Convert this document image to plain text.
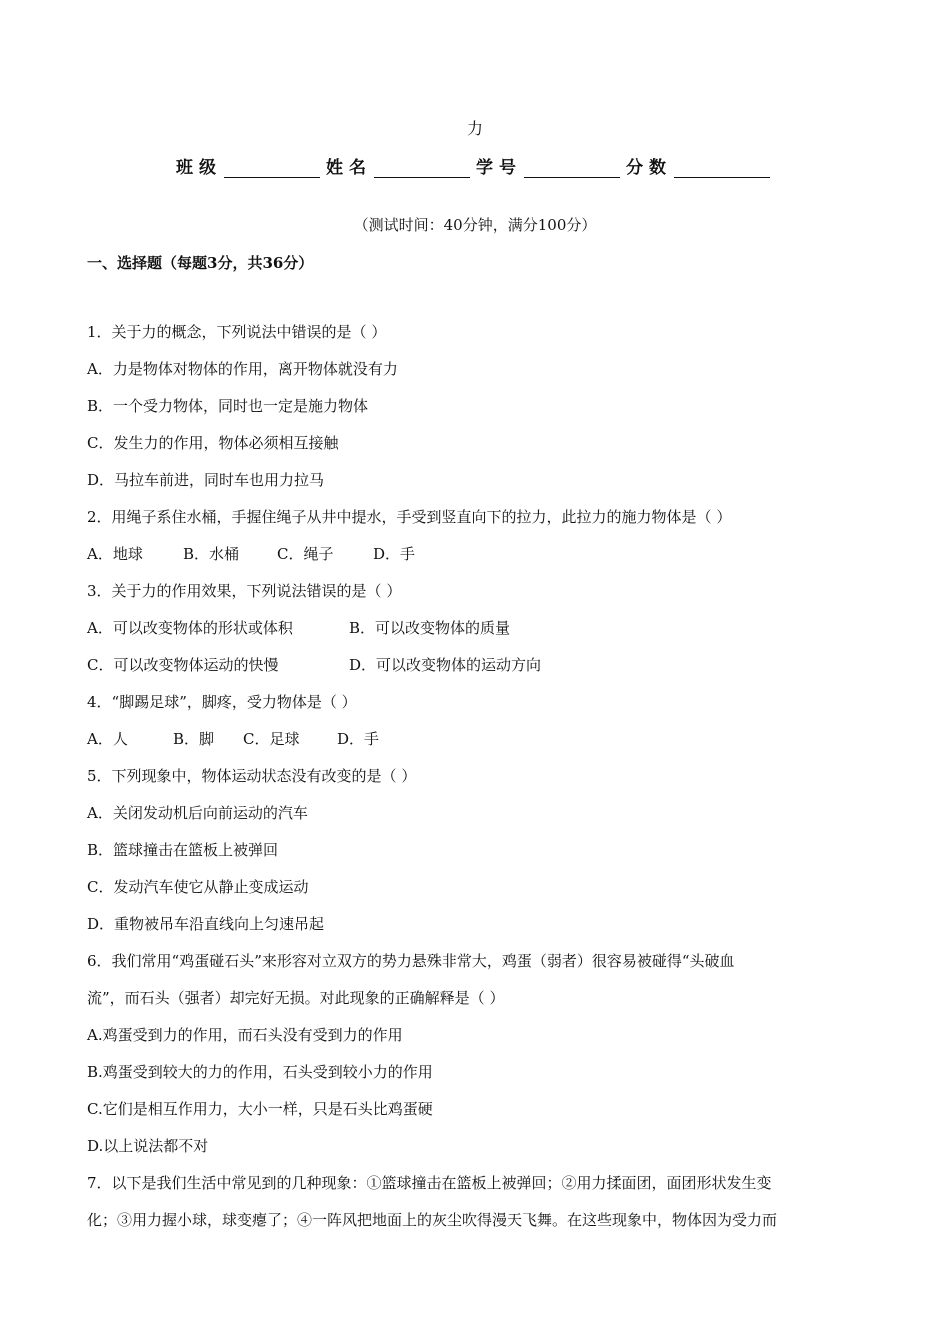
力
班级	姓名	学号	分数
（测试时间：40分钟，满分100分）
一、选择题（每题3分，共36分）
1．关于力的概念，下列说法中错误的是（ ）
A．力是物体对物体的作用，离开物体就没有力
B．一个受力物体，同时也一定是施力物体
C．发生力的作用，物体必须相互接触
D．马拉车前进，同时车也用力拉马
2．用绳子系住水桶，手握住绳子从井中提水，手受到竖直向下的拉力，此拉力的施力物体是（ ）
A．地球	B．水桶	C．绳子	D．手
3．关于力的作用效果，下列说法错误的是（ ）
A．可以改变物体的形状或体积	B．可以改变物体的质量
C．可以改变物体运动的快慢	D．可以改变物体的运动方向
4．“脚踢足球”，脚疼，受力物体是（ ）
A．人	B．脚 C．足球	D．手
5．下列现象中，物体运动状态没有改变的是（ ）
A．关闭发动机后向前运动的汽车
B．篮球撞击在篮板上被弹回
C．发动汽车使它从静止变成运动
D．重物被吊车沿直线向上匀速吊起
6．我们常用“鸡蛋碰石头”来形容对立双方的势力悬殊非常大，鸡蛋（弱者）很容易被碰得“头破血
流”，而石头（强者）却完好无损。对此现象的正确解释是（ ）
A.鸡蛋受到力的作用，而石头没有受到力的作用
B.鸡蛋受到较大的力的作用，石头受到较小力的作用
C.它们是相互作用力，大小一样，只是石头比鸡蛋硬
D.以上说法都不对
7．以下是我们生活中常见到的几种现象：①篮球撞击在篮板上被弹回；②用力揉面团，面团形状发生变
化；③用力握小球，球变瘪了；④一阵风把地面上的灰尘吹得漫天飞舞。在这些现象中，物体因为受力而
